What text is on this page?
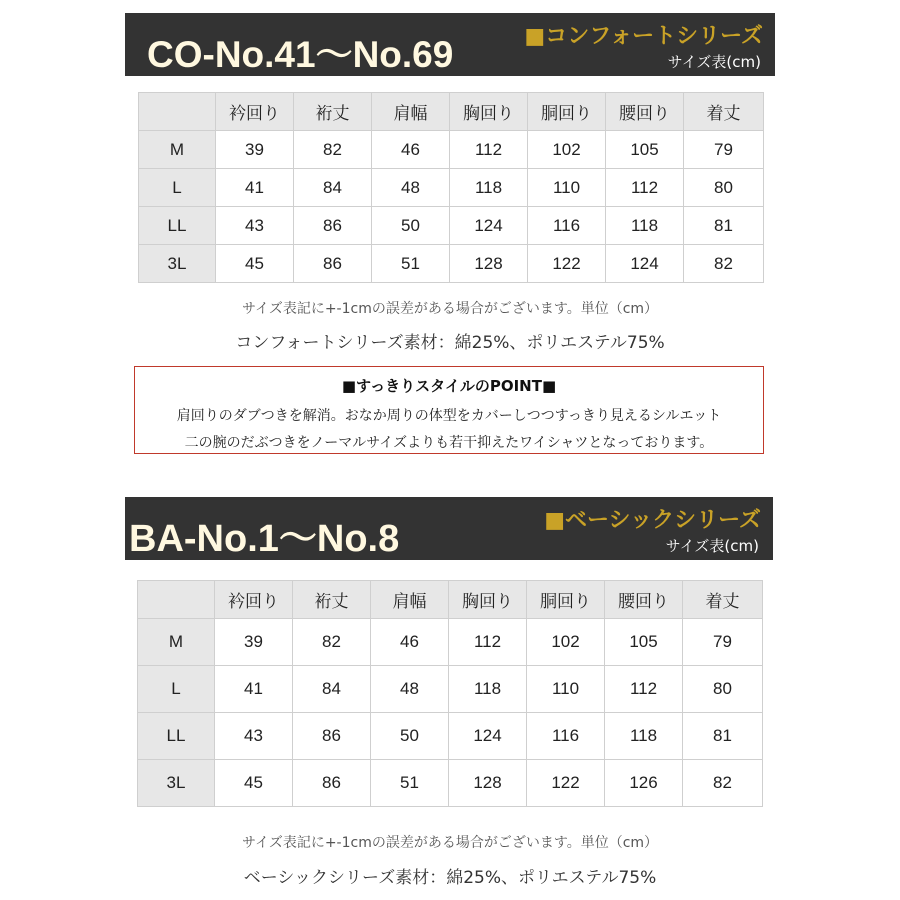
CO-No.41〜No.69	■コンフォートシリーズ
サイズ表(cm)
	衿回り	裄丈	肩幅	胸回り	胴回り	腰回り	着丈
M	39	82	46	112	102	105	79
L	41	84	48	118	110	112	80
LL	43	86	50	124	116	118	81
3L	45	86	51	128	122	124	82
サイズ表記に+-1cmの誤差がある場合がございます。単位（cm）
コンフォートシリーズ素材：綿25%、ポリエステル75%
■すっきりスタイルのPOINT■
肩回りのダブつきを解消。おなか周りの体型をカバーしつつすっきり見えるシルエット
二の腕のだぶつきをノーマルサイズよりも若干抑えたワイシャツとなっております。
BA-No.1〜No.8	■ベーシックシリーズ
サイズ表(cm)
	衿回り	裄丈	肩幅	胸回り	胴回り	腰回り	着丈
M	39	82	46	112	102	105	79
L	41	84	48	118	110	112	80
LL	43	86	50	124	116	118	81
3L	45	86	51	128	122	126	82
サイズ表記に+-1cmの誤差がある場合がございます。単位（cm）
ベーシックシリーズ素材：綿25%、ポリエステル75%
